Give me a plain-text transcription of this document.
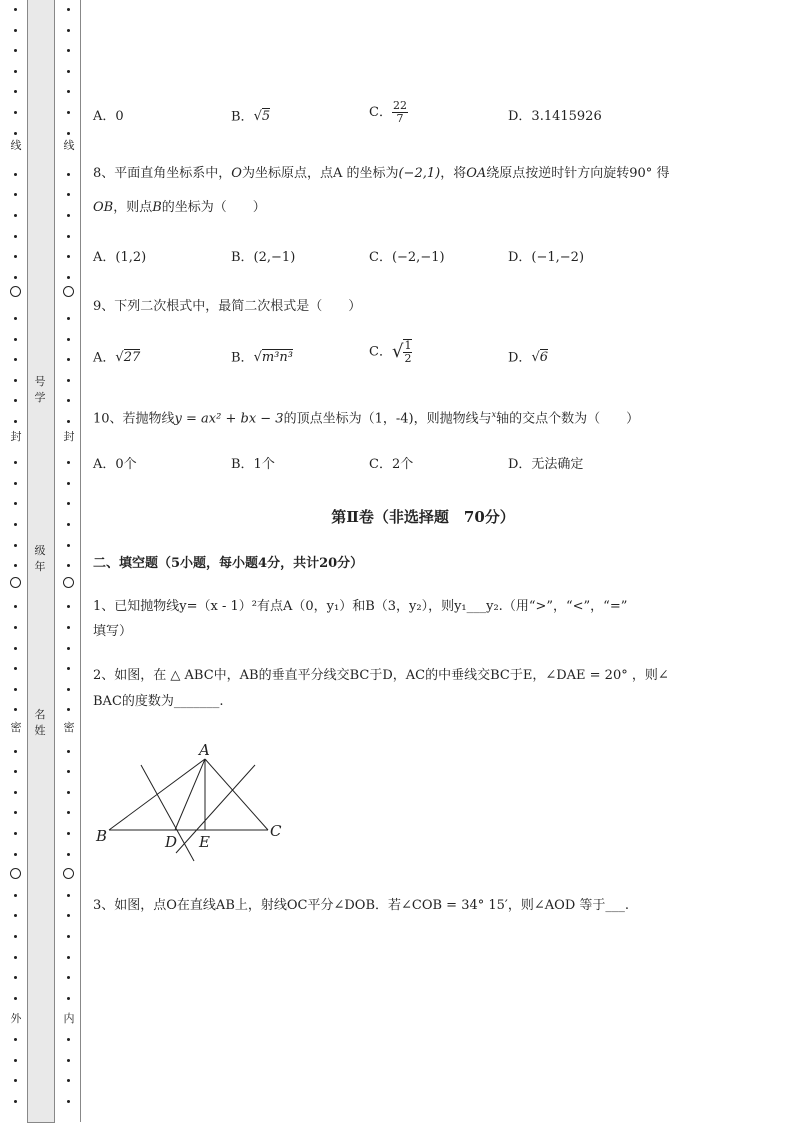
线
封
密
外
线
封
密
内
号
学
级
年
名
姓
A．0	B．√5	C． $\frac{22}{7}$	D．3.1415926
8、平面直角坐标系中，O为坐标原点，点A 的坐标为(−2,1)，将OA绕原点按逆时针方向旋转90° 得
OB，则点B的坐标为（　　）
A．(1,2)	B．(2,−1)	C．(−2,−1)	D．(−1,−2)
9、下列二次根式中，最简二次根式是（　　）
A．√27	B．√m³n³	C．√ $\frac{1}{2}$	D．√6
10、若抛物线y = ax² + bx − 3的顶点坐标为（1，-4)，则抛物线与$^x$轴的交点个数为（　　）
A．0个	B．1个	C．2个	D．无法确定
第Ⅱ卷（非选择题　70分）
二、填空题（5小题，每小题4分，共计20分）
1、已知抛物线y=（x - 1）²有点A（0，y₁）和B（3，y₂），则y₁___y₂.（用“>”，“<”，“=”
填写）
2、如图，在 △ ABC中，AB的垂直平分线交BC于D，AC的中垂线交BC于E，∠DAE = 20° ，则∠
BAC的度数为_______.
A
B	C
D E
3、如图，点O在直线AB上，射线OC平分∠DOB．若∠COB = 34° 15′，则∠AOD 等于___.
